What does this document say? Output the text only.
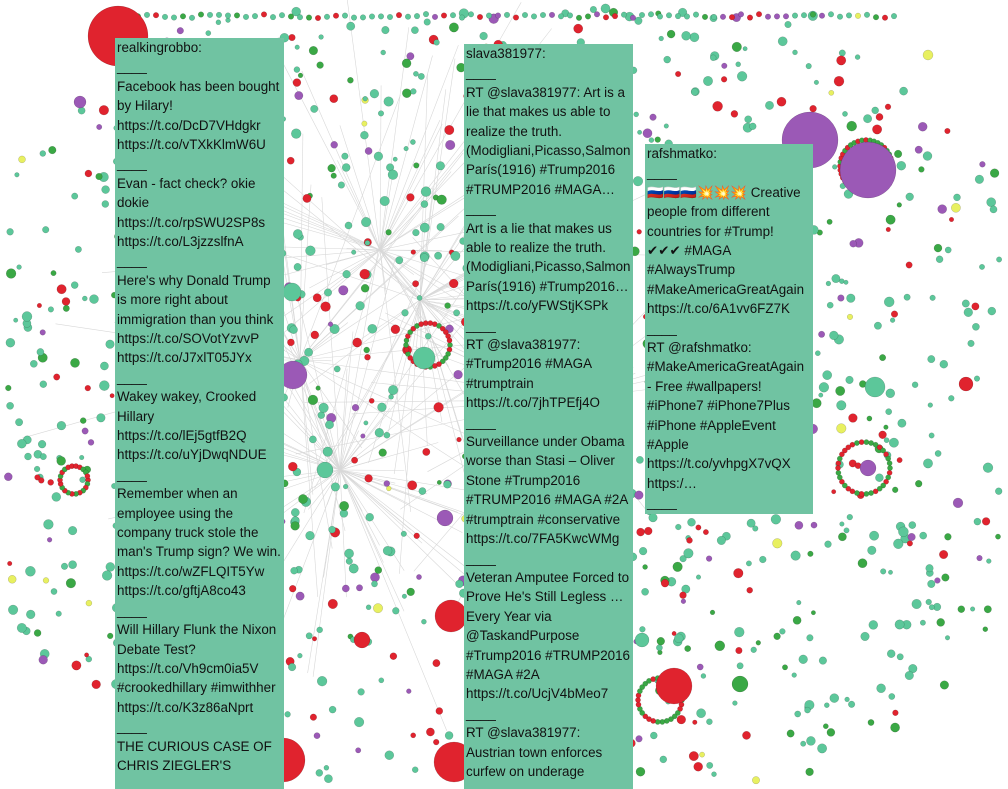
realkingrobbo:
____
Facebook has been bought by Hilary! https://t.co/DcD7VHdgkr https://t.co/vTXkKlmW6U
____
Evan - fact check? okie dokie https://t.co/rpSWU2SP8s https://t.co/L3jzzslfnA
____
Here's why Donald Trump is more right about immigration than you think https://t.co/SOVotYzvvP https://t.co/J7xlT05JYx
____
Wakey wakey, Crooked Hillary https://t.co/lEj5gtfB2Q https://t.co/uYjDwqNDUE
____
Remember when an employee using the company truck stole the man's Trump sign? We win. https://t.co/wZFLQIT5Yw https://t.co/gftjA8co43
____
Will Hillary Flunk the Nixon Debate Test? https://t.co/Vh9cm0ia5V #crookedhillary #imwithher https://t.co/K3z86aNprt
____
THE CURIOUS CASE OF CHRIS ZIEGLER'S
slava381977:
____
RT @slava381977: Art is a lie that makes us able to realize the truth. (Modigliani,Picasso,Salmon París(1916) #Trump2016 #TRUMP2016 #MAGA…
____
Art is a lie that makes us able to realize the truth. (Modigliani,Picasso,Salmon París(1916) #Trump2016… https://t.co/yFWStjKSPk
____
RT @slava381977: #Trump2016 #MAGA #trumptrain https://t.co/7jhTPEfj4O
____
Surveillance under Obama worse than Stasi – Oliver Stone #Trump2016 #TRUMP2016 #MAGA #2A #trumptrain #conservative https://t.co/7FA5KwcWMg
____
Veteran Amputee Forced to Prove He's Still Legless … Every Year via @TaskandPurpose #Trump2016 #TRUMP2016 #MAGA #2A https://t.co/UcjV4bMeo7
____
RT @slava381977: Austrian town enforces curfew on underage
rafshmatko:
____
🇷🇺🇷🇺🇷🇺💥💥💥 Creative people from different countries for #Trump! ✔✔✔ #MAGA #AlwaysTrump #MakeAmericaGreatAgain https://t.co/6A1vv6FZ7K
____
RT @rafshmatko: #MakeAmericaGreatAgain - Free #wallpapers! #iPhone7 #iPhone7Plus #iPhone #AppleEvent #Apple https://t.co/yvhpgX7vQX https:/…
____
